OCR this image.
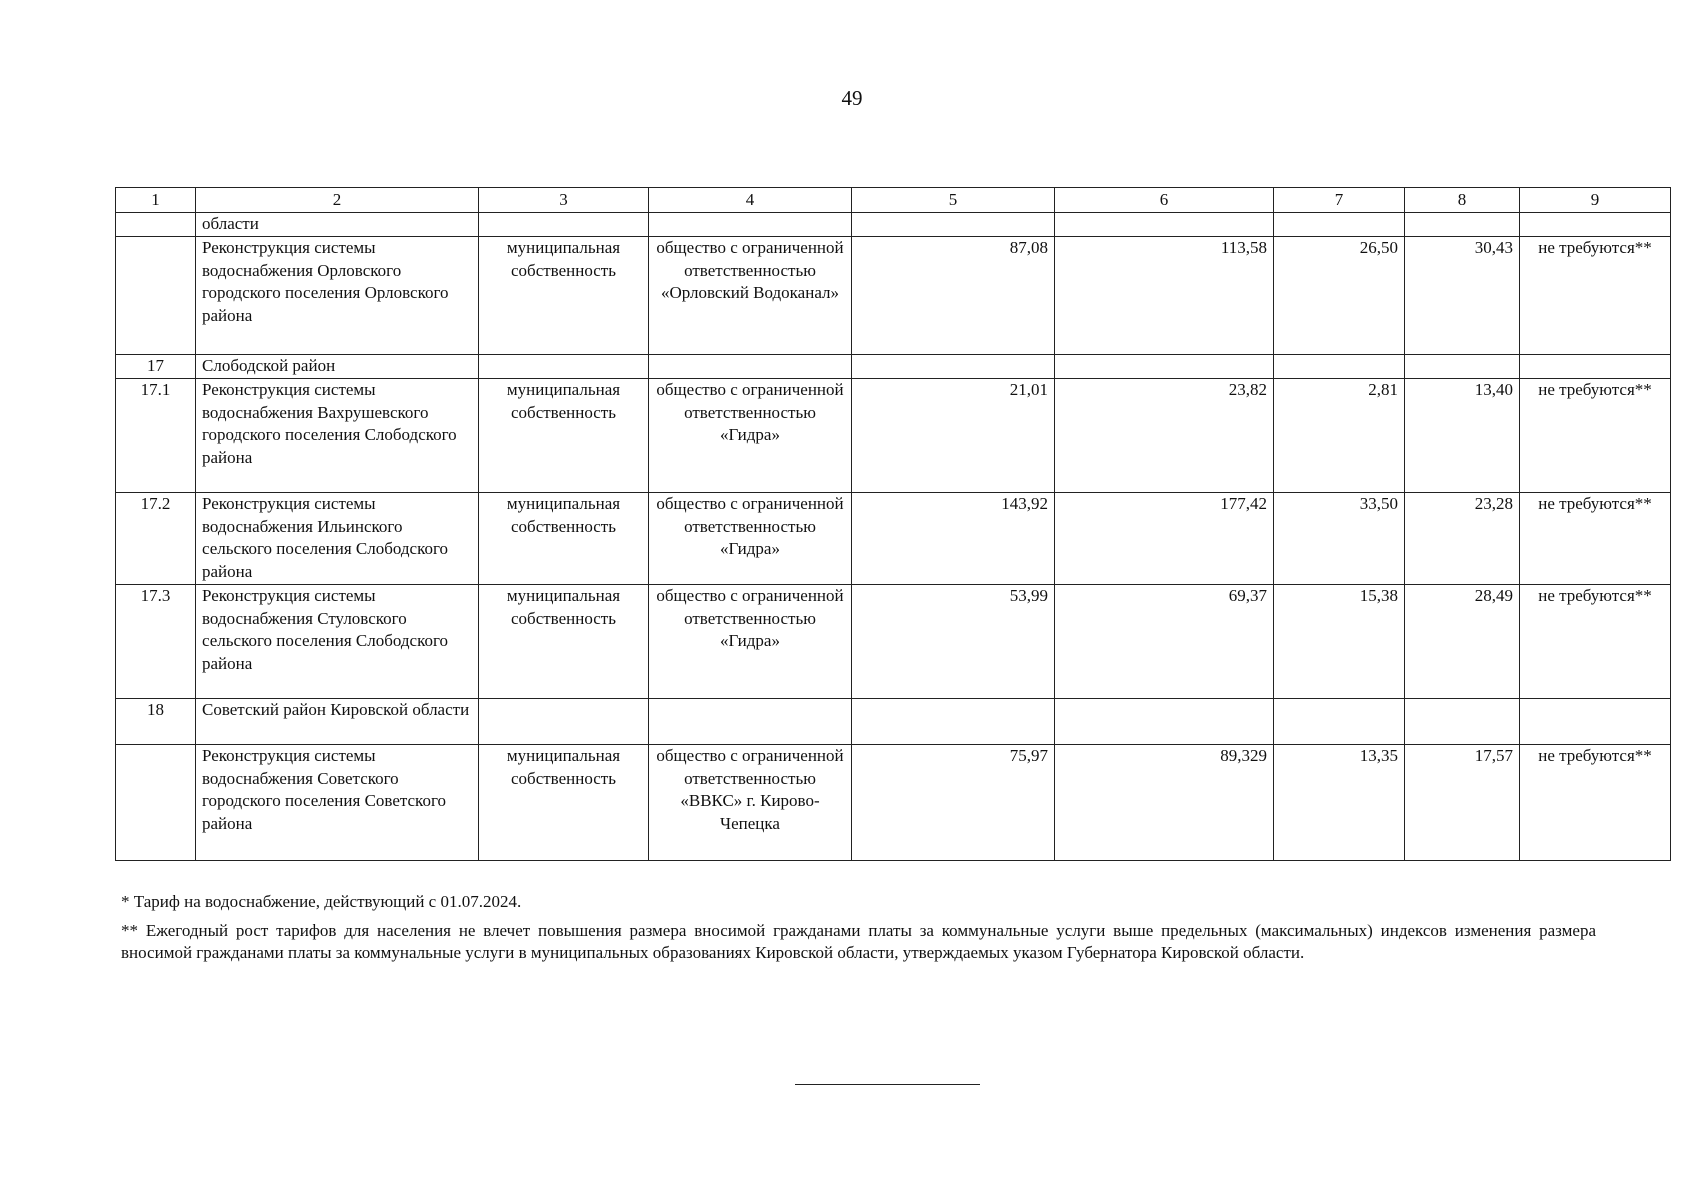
49
1	2	3	4	5	6	7	8	9
	области							
	Реконструкция системы водоснабжения Орловского городского поселения Орловского района	муниципальная собственность	общество с ограниченной ответственностью «Орловский Водоканал»	87,08	113,58	26,50	30,43	не требуются**
17	Слободской район							
17.1	Реконструкция системы водоснабжения Вахрушевского городского поселения Слободского района	муниципальная собственность	общество с ограниченной ответственностью «Гидра»	21,01	23,82	2,81	13,40	не требуются**
17.2	Реконструкция системы водоснабжения Ильинского сельского поселения Слободского района	муниципальная собственность	общество с ограниченной ответственностью «Гидра»	143,92	177,42	33,50	23,28	не требуются**
17.3	Реконструкция системы водоснабжения Стуловского сельского поселения Слободского района	муниципальная собственность	общество с ограниченной ответственностью «Гидра»	53,99	69,37	15,38	28,49	не требуются**
18	Советский район Кировской области							
	Реконструкция системы водоснабжения Советского городского поселения Советского района	муниципальная собственность	общество с ограниченной ответственностью «ВВКС» г. Кирово-Чепецка	75,97	89,329	13,35	17,57	не требуются**

* Тариф на водоснабжение, действующий с 01.07.2024.

** Ежегодный рост тарифов для населения не влечет повышения размера вносимой гражданами платы за коммунальные услуги выше предельных (максимальных) индексов изменения размера вносимой гражданами платы за коммунальные услуги в муниципальных образованиях Кировской области, утверждаемых указом Губернатора Кировской области.
